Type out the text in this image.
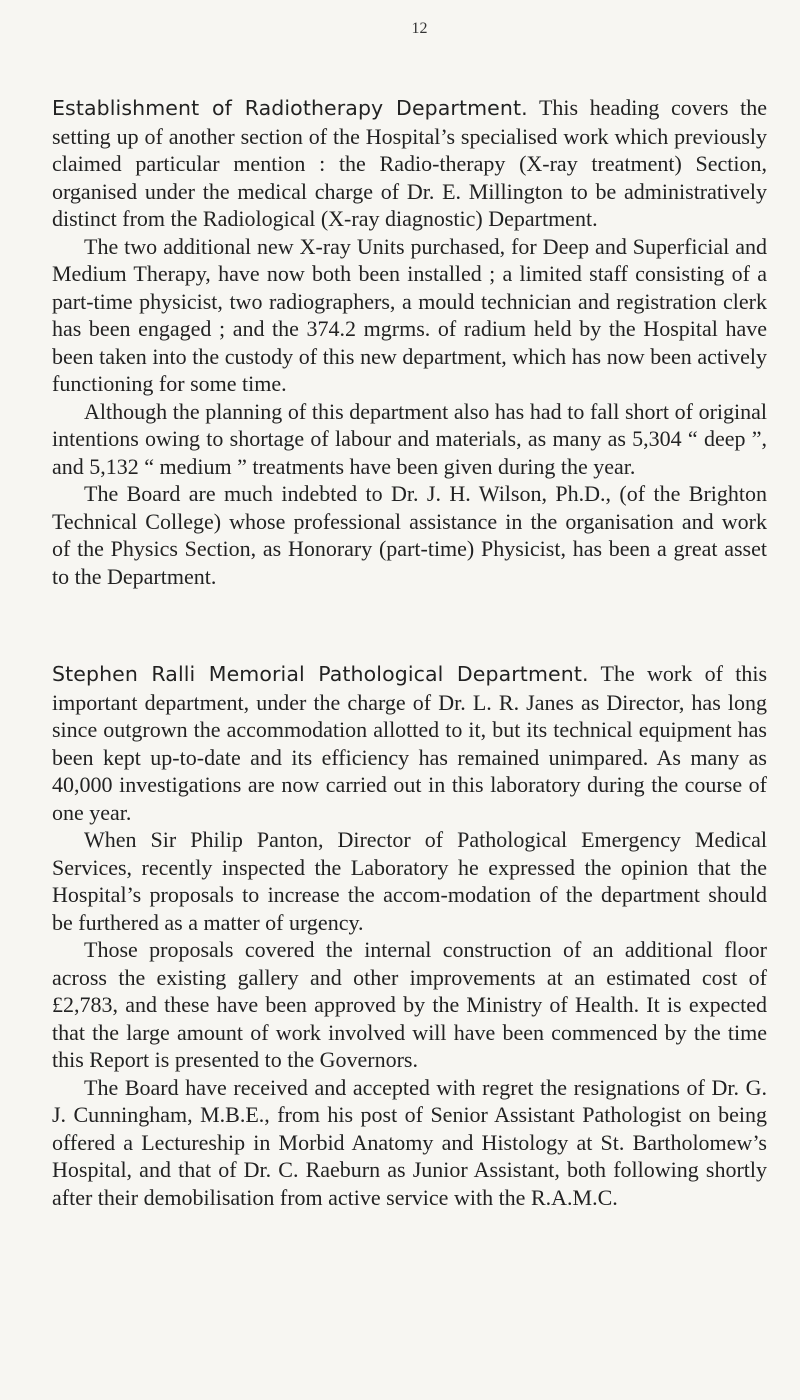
12

Establishment of Radiotherapy Department. This heading covers the setting up of another section of the Hospital’s specialised work which previously claimed particular mention : the Radio-therapy (X-ray treatment) Section, organised under the medical charge of Dr. E. Millington to be administratively distinct from the Radiological (X-ray diagnostic) Department.

The two additional new X-ray Units purchased, for Deep and Superficial and Medium Therapy, have now both been installed ; a limited staff consisting of a part-time physicist, two radiographers, a mould technician and registration clerk has been engaged ; and the 374.2 mgrms. of radium held by the Hospital have been taken into the custody of this new department, which has now been actively functioning for some time.

Although the planning of this department also has had to fall short of original intentions owing to shortage of labour and materials, as many as 5,304 “ deep ”, and 5,132 “ medium ” treatments have been given during the year.

The Board are much indebted to Dr. J. H. Wilson, Ph.D., (of the Brighton Technical College) whose professional assistance in the organisation and work of the Physics Section, as Honorary (part-time) Physicist, has been a great asset to the Department.

Stephen Ralli Memorial Pathological Department. The work of this important department, under the charge of Dr. L. R. Janes as Director, has long since outgrown the accommodation allotted to it, but its technical equipment has been kept up-to-date and its efficiency has remained unimpared. As many as 40,000 investigations are now carried out in this laboratory during the course of one year.

When Sir Philip Panton, Director of Pathological Emergency Medical Services, recently inspected the Laboratory he expressed the opinion that the Hospital’s proposals to increase the accom-modation of the department should be furthered as a matter of urgency.

Those proposals covered the internal construction of an additional floor across the existing gallery and other improvements at an estimated cost of £2,783, and these have been approved by the Ministry of Health. It is expected that the large amount of work involved will have been commenced by the time this Report is presented to the Governors.

The Board have received and accepted with regret the resignations of Dr. G. J. Cunningham, M.B.E., from his post of Senior Assistant Pathologist on being offered a Lectureship in Morbid Anatomy and Histology at St. Bartholomew’s Hospital, and that of Dr. C. Raeburn as Junior Assistant, both following shortly after their demobilisation from active service with the R.A.M.C.
